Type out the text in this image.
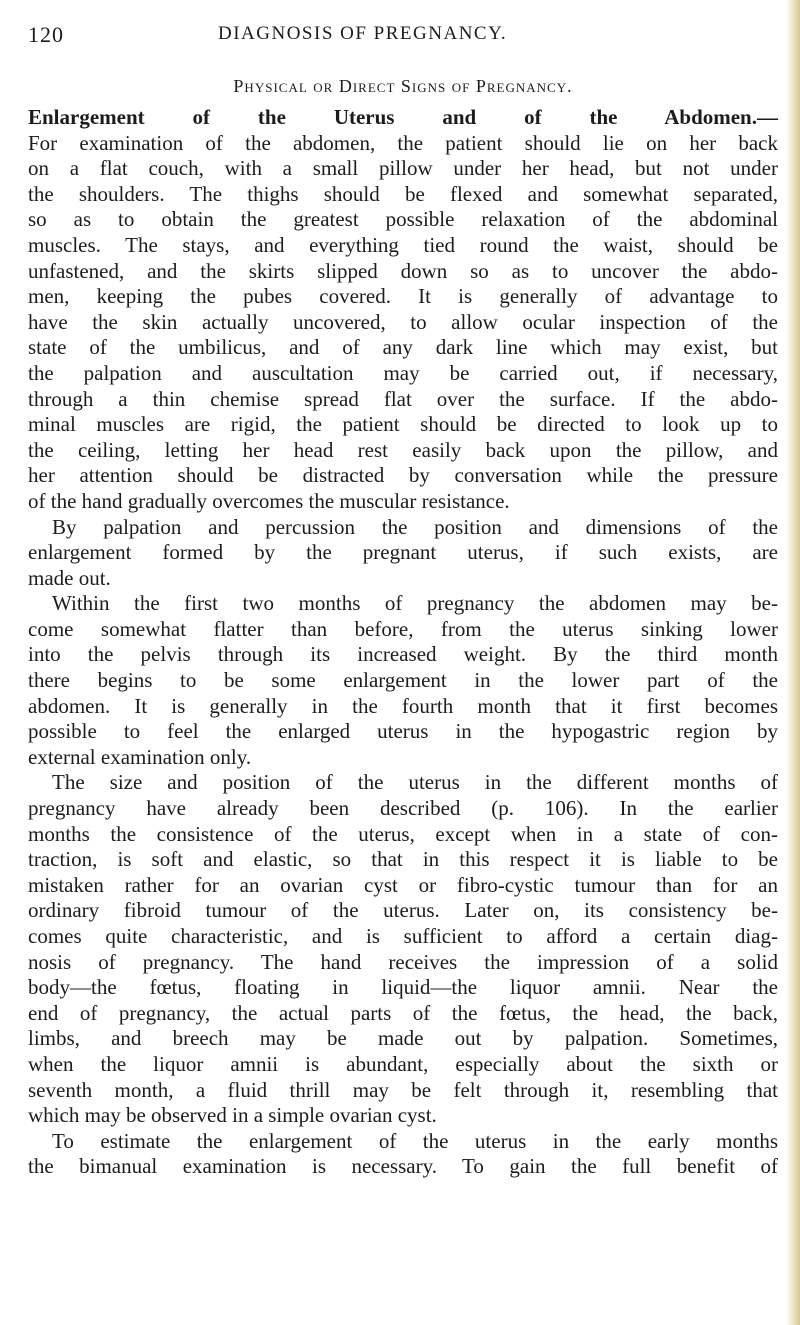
120	DIAGNOSIS OF PREGNANCY.
Physical or Direct Signs of Pregnancy.
Enlargement of the Uterus and of the Abdomen.—
For examination of the abdomen, the patient should lie on her back
on a flat couch, with a small pillow under her head, but not under
the shoulders. The thighs should be flexed and somewhat separated,
so as to obtain the greatest possible relaxation of the abdominal
muscles. The stays, and everything tied round the waist, should be
unfastened, and the skirts slipped down so as to uncover the abdo-
men, keeping the pubes covered. It is generally of advantage to
have the skin actually uncovered, to allow ocular inspection of the
state of the umbilicus, and of any dark line which may exist, but
the palpation and auscultation may be carried out, if necessary,
through a thin chemise spread flat over the surface. If the abdo-
minal muscles are rigid, the patient should be directed to look up to
the ceiling, letting her head rest easily back upon the pillow, and
her attention should be distracted by conversation while the pressure
of the hand gradually overcomes the muscular resistance.
By palpation and percussion the position and dimensions of the
enlargement formed by the pregnant uterus, if such exists, are
made out.
Within the first two months of pregnancy the abdomen may be-
come somewhat flatter than before, from the uterus sinking lower
into the pelvis through its increased weight. By the third month
there begins to be some enlargement in the lower part of the
abdomen. It is generally in the fourth month that it first becomes
possible to feel the enlarged uterus in the hypogastric region by
external examination only.
The size and position of the uterus in the different months of
pregnancy have already been described (p. 106). In the earlier
months the consistence of the uterus, except when in a state of con-
traction, is soft and elastic, so that in this respect it is liable to be
mistaken rather for an ovarian cyst or fibro-cystic tumour than for an
ordinary fibroid tumour of the uterus. Later on, its consistency be-
comes quite characteristic, and is sufficient to afford a certain diag-
nosis of pregnancy. The hand receives the impression of a solid
body—the fœtus, floating in liquid—the liquor amnii. Near the
end of pregnancy, the actual parts of the fœtus, the head, the back,
limbs, and breech may be made out by palpation. Sometimes,
when the liquor amnii is abundant, especially about the sixth or
seventh month, a fluid thrill may be felt through it, resembling that
which may be observed in a simple ovarian cyst.
To estimate the enlargement of the uterus in the early months
the bimanual examination is necessary. To gain the full benefit of
